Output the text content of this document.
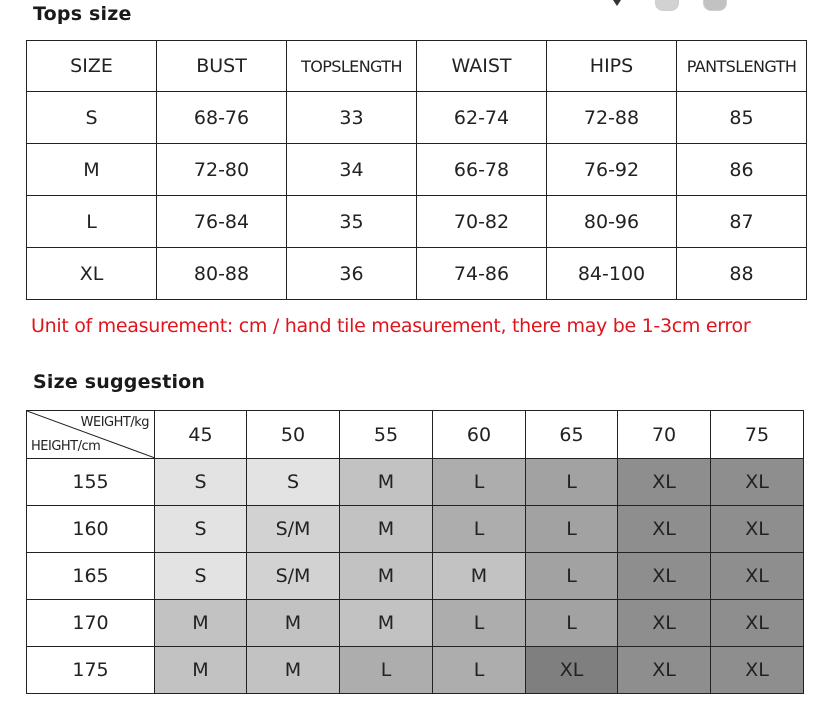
Tops size
SIZE	BUST	TOPSLENGTH	WAIST	HIPS	PANTSLENGTH
S	68-76	33	62-74	72-88	85
M	72-80	34	66-78	76-92	86
L	76-84	35	70-82	80-96	87
XL	80-88	36	74-86	84-100	88
Unit of measurement: cm / hand tile measurement, there may be 1-3cm error
Size suggestion
WEIGHT/kg
HEIGHT/cm	45	50	55	60	65	70	75
155	S	S	M	L	L	XL	XL
160	S	S/M	M	L	L	XL	XL
165	S	S/M	M	M	L	XL	XL
170	M	M	M	L	L	XL	XL
175	M	M	L	L	XL	XL	XL
